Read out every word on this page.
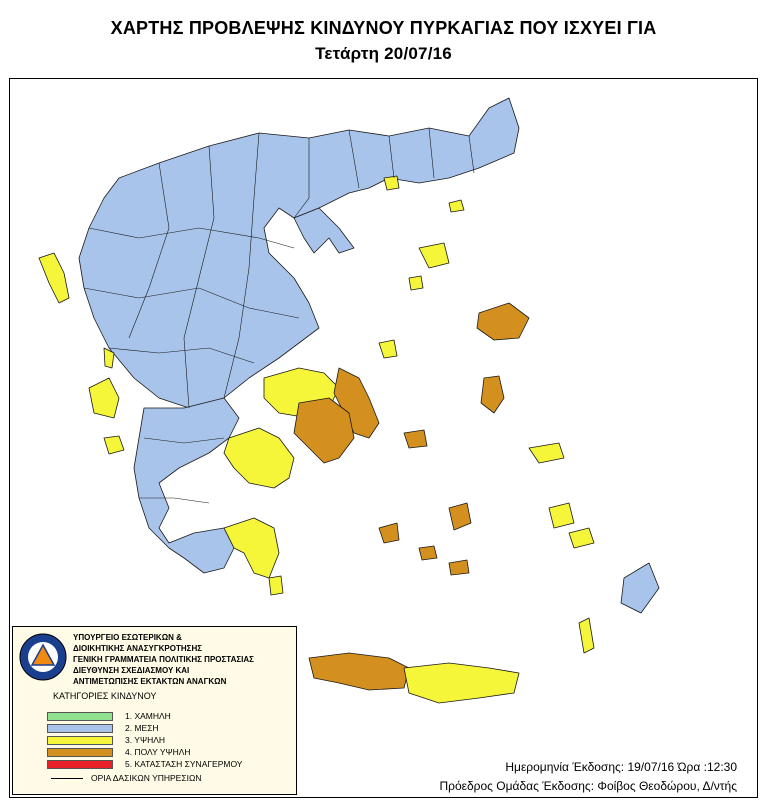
ΧΑΡΤΗΣ ΠΡΟΒΛΕΨΗΣ ΚΙΝΔΥΝΟΥ ΠΥΡΚΑΓΙΑΣ ΠΟΥ ΙΣΧΥΕΙ ΓΙΑ
Τετάρτη 20/07/16
ΥΠΟΥΡΓΕΙΟ ΕΣΩΤΕΡΙΚΩΝ &
ΔΙΟΙΚΗΤΙΚΗΣ ΑΝΑΣΥΓΚΡΟΤΗΣΗΣ
ΓΕΝΙΚΗ ΓΡΑΜΜΑΤΕΙΑ ΠΟΛΙΤΙΚΗΣ ΠΡΟΣΤΑΣΙΑΣ
ΔΙΕΥΘΥΝΣΗ ΣΧΕΔΙΑΣΜΟΥ ΚΑΙ
ΑΝΤΙΜΕΤΩΠΙΣΗΣ ΕΚΤΑΚΤΩΝ ΑΝΑΓΚΩΝ
ΚΑΤΗΓΟΡΙΕΣ ΚΙΝΔΥΝΟΥ
1. ΧΑΜΗΛΗ
2. ΜΕΣΗ
3. ΥΨΗΛΗ
4. ΠΟΛΥ ΥΨΗΛΗ
5. ΚΑΤΑΣΤΑΣΗ ΣΥΝΑΓΕΡΜΟΥ
ΟΡΙΑ ΔΑΣΙΚΩΝ ΥΠΗΡΕΣΙΩΝ
Ημερομηνία Έκδοσης: 19/07/16 Ώρα :12:30
Πρόεδρος Ομάδας Έκδοσης: Φοίβος Θεοδώρου, Δ/ντής
